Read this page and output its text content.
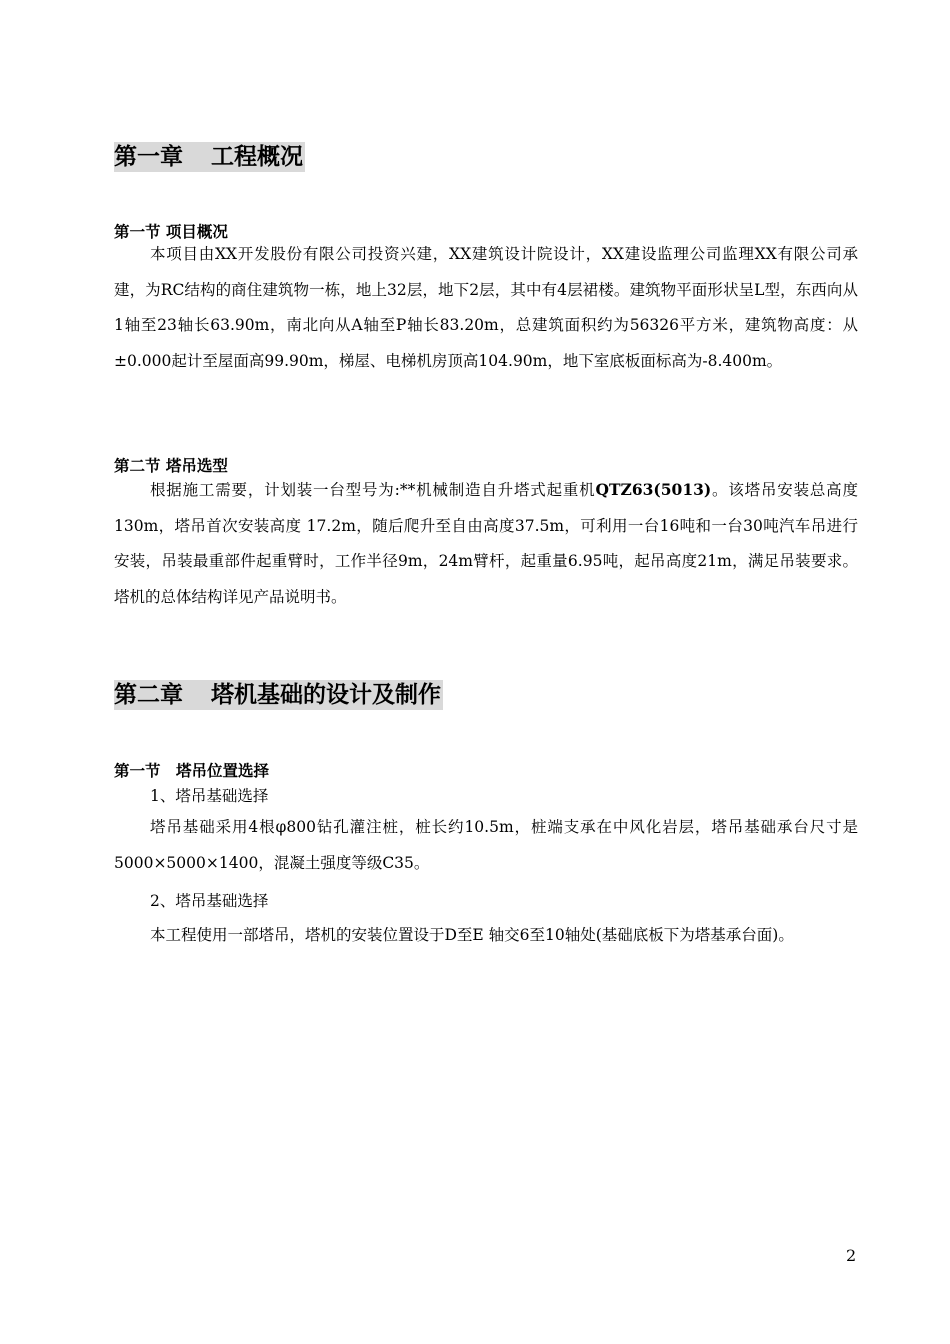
第一章 工程概况
第一节 项目概况
本项目由XX开发股份有限公司投资兴建，XX建筑设计院设计，XX建设监理公司监理XX有限公司承建，为RC结构的商住建筑物一栋，地上32层，地下2层，其中有4层裙楼。建筑物平面形状呈L型，东西向从1轴至23轴长63.90m，南北向从A轴至P轴长83.20m，总建筑面积约为56326平方米，建筑物高度：从±0.000起计至屋面高99.90m，梯屋、电梯机房顶高104.90m，地下室底板面标高为-8.400m。
第二节 塔吊选型
根据施工需要，计划装一台型号为:**机械制造自升塔式起重机QTZ63(5013)。该塔吊安装总高度 130m，塔吊首次安装高度 17.2m，随后爬升至自由高度37.5m，可利用一台16吨和一台30吨汽车吊进行安装，吊装最重部件起重臂时，工作半径9m，24m臂杆，起重量6.95吨，起吊高度21m，满足吊装要求。塔机的总体结构详见产品说明书。
第二章 塔机基础的设计及制作
第一节　塔吊位置选择
1、塔吊基础选择
塔吊基础采用4根φ800钻孔灌注桩，桩长约10.5m，桩端支承在中风化岩层，塔吊基础承台尺寸是5000×5000×1400，混凝土强度等级C35。
2、塔吊基础选择
本工程使用一部塔吊，塔机的安装位置设于D至E 轴交6至10轴处(基础底板下为塔基承台面)。
2
